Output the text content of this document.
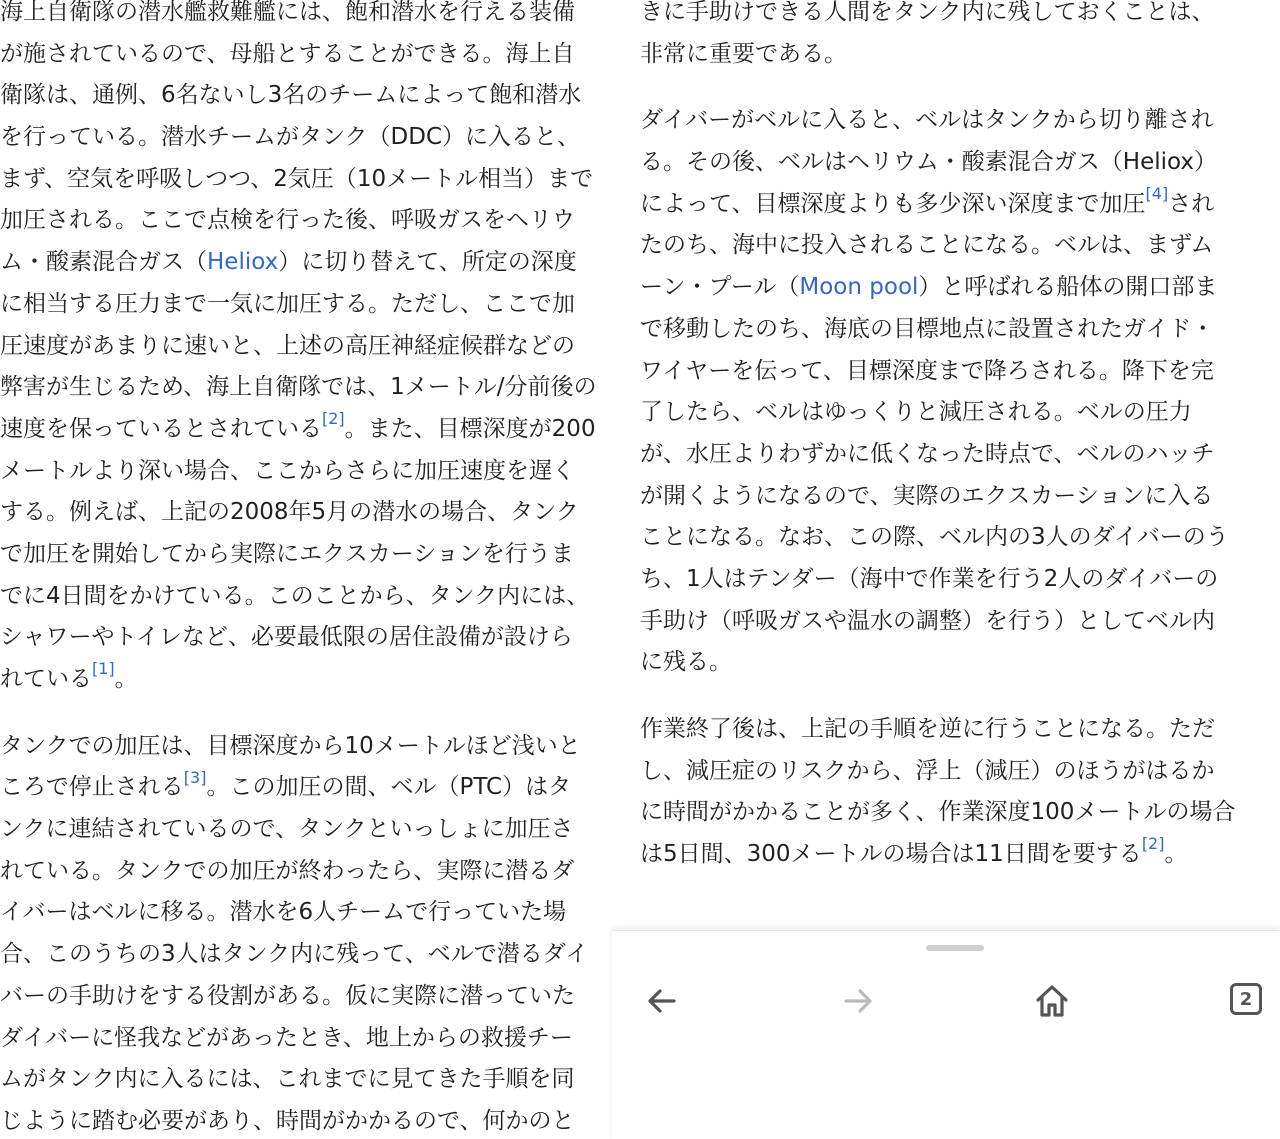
海上自衛隊の潜水艦救難艦には、飽和潜水を行える装備
が施されているので、母船とすることができる。海上自
衛隊は、通例、6名ないし3名のチームによって飽和潜水
を行っている。潜水チームがタンク（DDC）に入ると、
まず、空気を呼吸しつつ、2気圧（10メートル相当）まで
加圧される。ここで点検を行った後、呼吸ガスをヘリウ
ム・酸素混合ガス（Heliox）に切り替えて、所定の深度
に相当する圧力まで一気に加圧する。ただし、ここで加
圧速度があまりに速いと、上述の高圧神経症候群などの
弊害が生じるため、海上自衛隊では、1メートル/分前後の
速度を保っているとされている[2]。また、目標深度が200
メートルより深い場合、ここからさらに加圧速度を遅く
する。例えば、上記の2008年5月の潜水の場合、タンク
で加圧を開始してから実際にエクスカーションを行うま
でに4日間をかけている。このことから、タンク内には、
シャワーやトイレなど、必要最低限の居住設備が設けら
れている[1]。

タンクでの加圧は、目標深度から10メートルほど浅いと
ころで停止される[3]。この加圧の間、ベル（PTC）はタ
ンクに連結されているので、タンクといっしょに加圧さ
れている。タンクでの加圧が終わったら、実際に潜るダ
イバーはベルに移る。潜水を6人チームで行っていた場
合、このうちの3人はタンク内に残って、ベルで潜るダイ
バーの手助けをする役割がある。仮に実際に潜っていた
ダイバーに怪我などがあったとき、地上からの救援チー
ムがタンク内に入るには、これまでに見てきた手順を同
じように踏む必要があり、時間がかかるので、何かのと

きに手助けできる人間をタンク内に残しておくことは、
非常に重要である。

ダイバーがベルに入ると、ベルはタンクから切り離され
る。その後、ベルはヘリウム・酸素混合ガス（Heliox）
によって、目標深度よりも多少深い深度まで加圧[4]され
たのち、海中に投入されることになる。ベルは、まずム
ーン・プール（Moon pool）と呼ばれる船体の開口部ま
で移動したのち、海底の目標地点に設置されたガイド・
ワイヤーを伝って、目標深度まで降ろされる。降下を完
了したら、ベルはゆっくりと減圧される。ベルの圧力
が、水圧よりわずかに低くなった時点で、ベルのハッチ
が開くようになるので、実際のエクスカーションに入る
ことになる。なお、この際、ベル内の3人のダイバーのう
ち、1人はテンダー（海中で作業を行う2人のダイバーの
手助け（呼吸ガスや温水の調整）を行う）としてベル内
に残る。

作業終了後は、上記の手順を逆に行うことになる。ただ
し、減圧症のリスクから、浮上（減圧）のほうがはるか
に時間がかかることが多く、作業深度100メートルの場合
は5日間、300メートルの場合は11日間を要する[2]。

2
